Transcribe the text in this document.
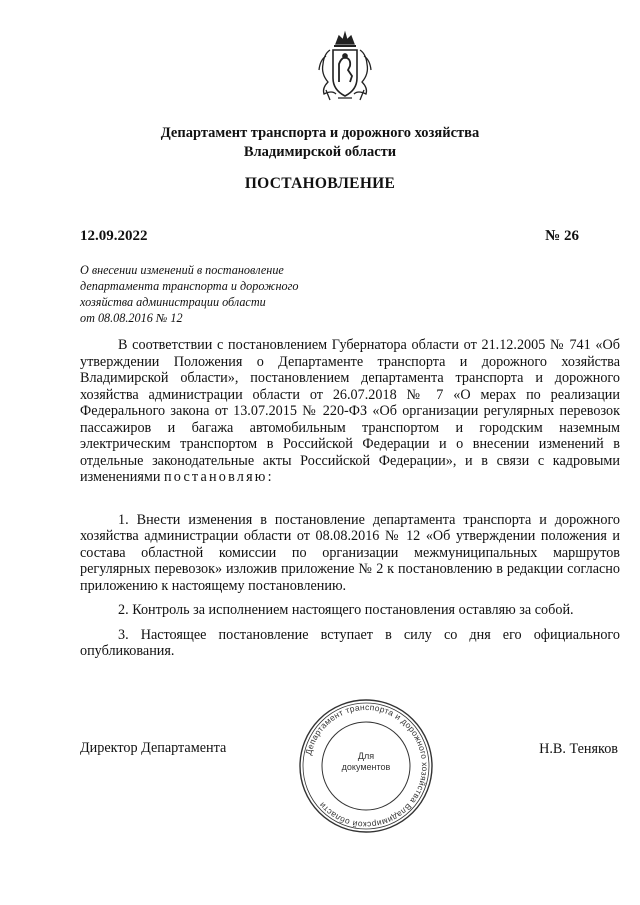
Департамент транспорта и дорожного хозяйства
Владимирской области
ПОСТАНОВЛЕНИЕ
12.09.2022	№ 26
О внесении изменений в постановление
департамента транспорта и дорожного
хозяйства администрации области
от 08.08.2016 № 12

В соответствии с постановлением Губернатора области от 21.12.2005 № 741 «Об утверждении Положения о Департаменте транспорта и дорожного хозяйства Владимирской области», постановлением департамента транспорта и дорожного хозяйства администрации области от 26.07.2018 № 7 «О мерах по реализации Федерального закона от 13.07.2015 № 220-ФЗ «Об организации регулярных перевозок пассажиров и багажа автомобильным транспортом и городским наземным электрическим транспортом в Российской Федерации и о внесении изменений в отдельные законодательные акты Российской Федерации», и в связи с кадровыми изменениями постановляю:

1. Внести изменения в постановление департамента транспорта и дорожного хозяйства администрации области от 08.08.2016 № 12 «Об утверждении положения и состава областной комиссии по организации межмуниципальных маршрутов регулярных перевозок» изложив приложение № 2 к постановлению в редакции согласно приложению к настоящему постановлению.

2. Контроль за исполнением настоящего постановления оставляю за собой.

3. Настоящее постановление вступает в силу со дня его официального опубликования.

Директор Департамента	Н.В. Теняков
Департамент транспорта и дорожного хозяйства Владимирской области
Для
документов
